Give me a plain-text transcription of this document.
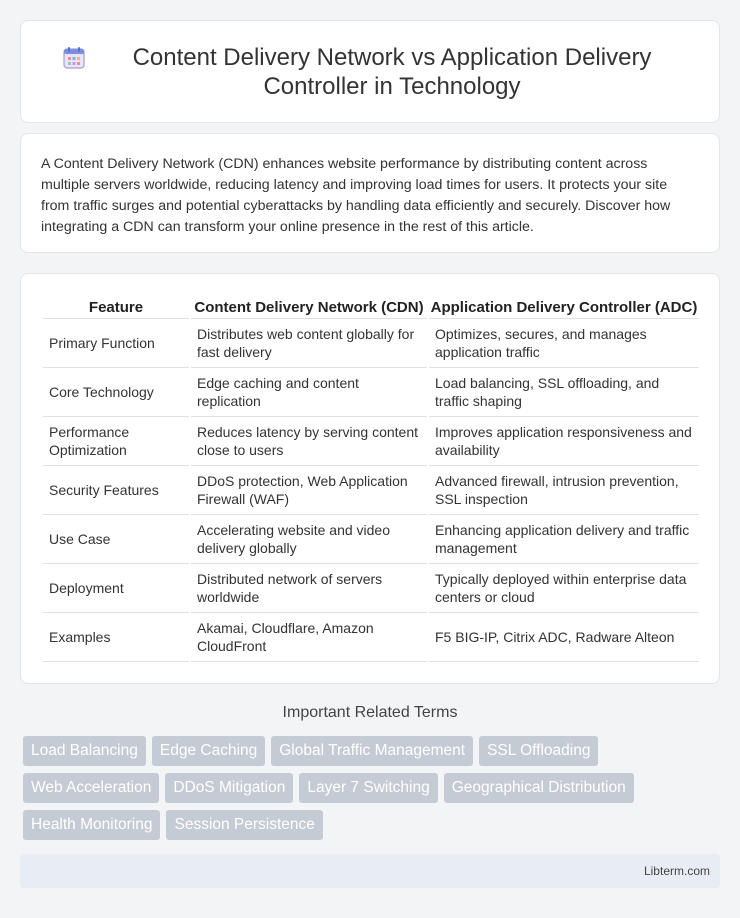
Content Delivery Network vs Application Delivery Controller in Technology

A Content Delivery Network (CDN) enhances website performance by distributing content across multiple servers worldwide, reducing latency and improving load times for users. It protects your site from traffic surges and potential cyberattacks by handling data efficiently and securely. Discover how integrating a CDN can transform your online presence in the rest of this article.

Feature	Content Delivery Network (CDN)	Application Delivery Controller (ADC)
Primary Function	Distributes web content globally for fast delivery	Optimizes, secures, and manages application traffic
Core Technology	Edge caching and content replication	Load balancing, SSL offloading, and traffic shaping
Performance Optimization	Reduces latency by serving content close to users	Improves application responsiveness and availability
Security Features	DDoS protection, Web Application Firewall (WAF)	Advanced firewall, intrusion prevention, SSL inspection
Use Case	Accelerating website and video delivery globally	Enhancing application delivery and traffic management
Deployment	Distributed network of servers worldwide	Typically deployed within enterprise data centers or cloud
Examples	Akamai, Cloudflare, Amazon CloudFront	F5 BIG-IP, Citrix ADC, Radware Alteon
Important Related Terms
Load Balancing	Edge Caching	Global Traffic Management	SSL Offloading
Web Acceleration	DDoS Mitigation	Layer 7 Switching	Geographical Distribution
Health Monitoring	Session Persistence
Libterm.com
